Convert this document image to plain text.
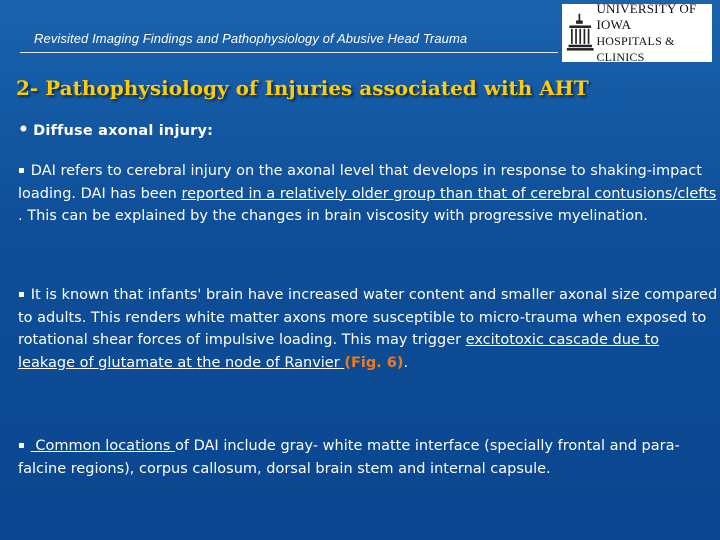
Revisited Imaging Findings and Pathophysiology of Abusive Head Trauma
UNIVERSITY OF IOWA
HOSPITALS & CLINICS
2- Pathophysiology of Injuries associated with AHT
• Diffuse axonal injury:

▪ DAI refers to cerebral injury on the axonal level that develops in response to shaking-impact loading. DAI has been reported in a relatively older group than that of cerebral contusions/clefts . This can be explained by the changes in brain viscosity with progressive myelination.

▪ It is known that infants' brain have increased water content and smaller axonal size compared to adults. This renders white matter axons more susceptible to micro-trauma when exposed to rotational shear forces of impulsive loading. This may trigger excitotoxic cascade due to leakage of glutamate at the node of Ranvier (Fig. 6).

▪ Common locations of DAI include gray- white matte interface (specially frontal and para-falcine regions), corpus callosum, dorsal brain stem and internal capsule.
